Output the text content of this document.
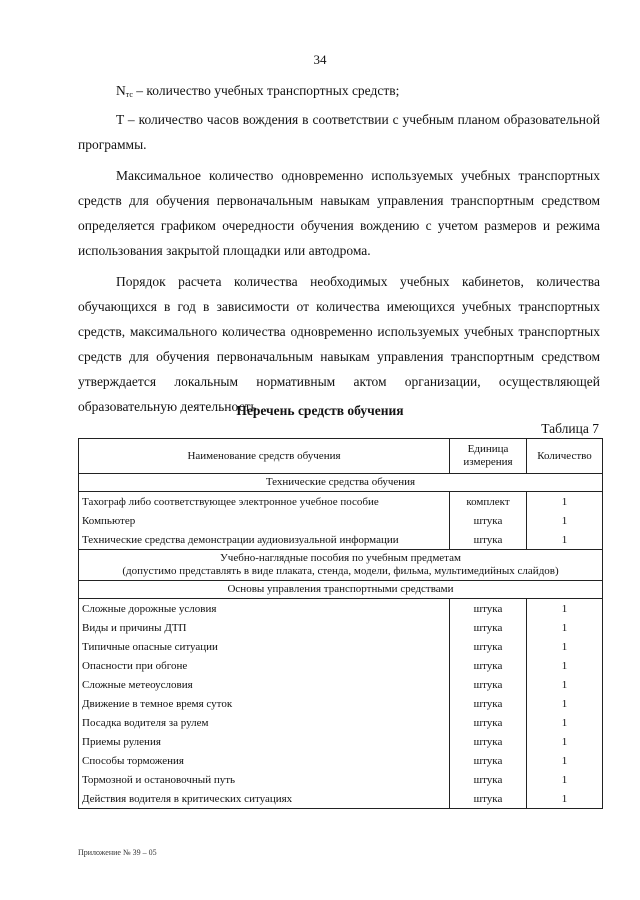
34

$N_{тс}$ – количество учебных транспортных средств;

T – количество часов вождения в соответствии с учебным планом образовательной программы.

Максимальное количество одновременно используемых учебных транспортных средств для обучения первоначальным навыкам управления транспортным средством определяется графиком очередности обучения вождению с учетом размеров и режима использования закрытой площадки или автодрома.

Порядок расчета количества необходимых учебных кабинетов, количества обучающихся в год в зависимости от количества имеющихся учебных транспортных средств, максимального количества одновременно используемых учебных транспортных средств для обучения первоначальным навыкам управления транспортным средством утверждается локальным нормативным актом организации, осуществляющей образовательную деятельность.

Перечень средств обучения
Таблица 7
Наименование средств обучения	Единица измерения	Количество
Технические средства обучения		
Тахограф либо соответствующее электронное учебное пособие	комплект	1
Компьютер	штука	1
Технические средства демонстрации аудиовизуальной информации	штука	1

Учебно-наглядные пособия по учебным предметам
(допустимо представлять в виде плаката, стенда, модели, фильма, мультимедийных слайдов)		

Основы управления транспортными средствами		
Сложные дорожные условия	штука	1
Виды и причины ДТП	штука	1
Типичные опасные ситуации	штука	1
Опасности при обгоне	штука	1
Сложные метеоусловия	штука	1
Движение в темное время суток	штука	1
Посадка водителя за рулем	штука	1
Приемы руления	штука	1
Способы торможения	штука	1
Тормозной и остановочный путь	штука	1
Действия водителя в критических ситуациях	штука	1
Приложение № 39 – 05
